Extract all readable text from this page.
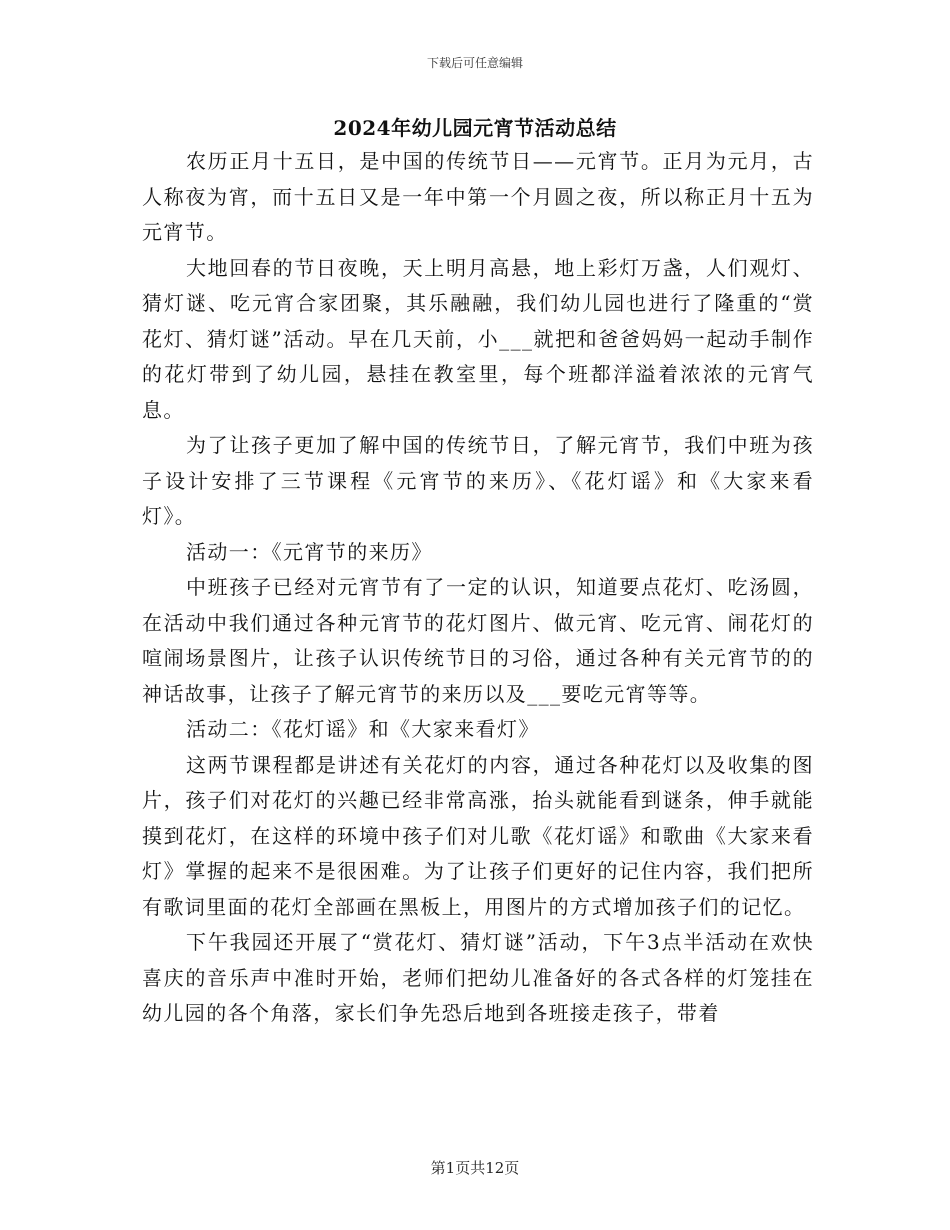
下载后可任意编辑
2024年幼儿园元宵节活动总结

农历正月十五日，是中国的传统节日——元宵节。正月为元月，古人称夜为宵，而十五日又是一年中第一个月圆之夜，所以称正月十五为元宵节。

大地回春的节日夜晚，天上明月高悬，地上彩灯万盏，人们观灯、猜灯谜、吃元宵合家团聚，其乐融融，我们幼儿园也进行了隆重的“赏花灯、猜灯谜”活动。早在几天前，小___就把和爸爸妈妈一起动手制作的花灯带到了幼儿园，悬挂在教室里，每个班都洋溢着浓浓的元宵气息。

为了让孩子更加了解中国的传统节日，了解元宵节，我们中班为孩子设计安排了三节课程《元宵节的来历》、《花灯谣》和《大家来看灯》。

活动一：《元宵节的来历》

中班孩子已经对元宵节有了一定的认识，知道要点花灯、吃汤圆，在活动中我们通过各种元宵节的花灯图片、做元宵、吃元宵、闹花灯的喧闹场景图片，让孩子认识传统节日的习俗，通过各种有关元宵节的的神话故事，让孩子了解元宵节的来历以及___要吃元宵等等。

活动二：《花灯谣》和《大家来看灯》

这两节课程都是讲述有关花灯的内容，通过各种花灯以及收集的图片，孩子们对花灯的兴趣已经非常高涨，抬头就能看到谜条，伸手就能摸到花灯，在这样的环境中孩子们对儿歌《花灯谣》和歌曲《大家来看灯》掌握的起来不是很困难。为了让孩子们更好的记住内容，我们把所有歌词里面的花灯全部画在黑板上，用图片的方式增加孩子们的记忆。

下午我园还开展了“赏花灯、猜灯谜”活动，下午3点半活动在欢快喜庆的音乐声中准时开始，老师们把幼儿准备好的各式各样的灯笼挂在幼儿园的各个角落，家长们争先恐后地到各班接走孩子，带着

第1页共12页
